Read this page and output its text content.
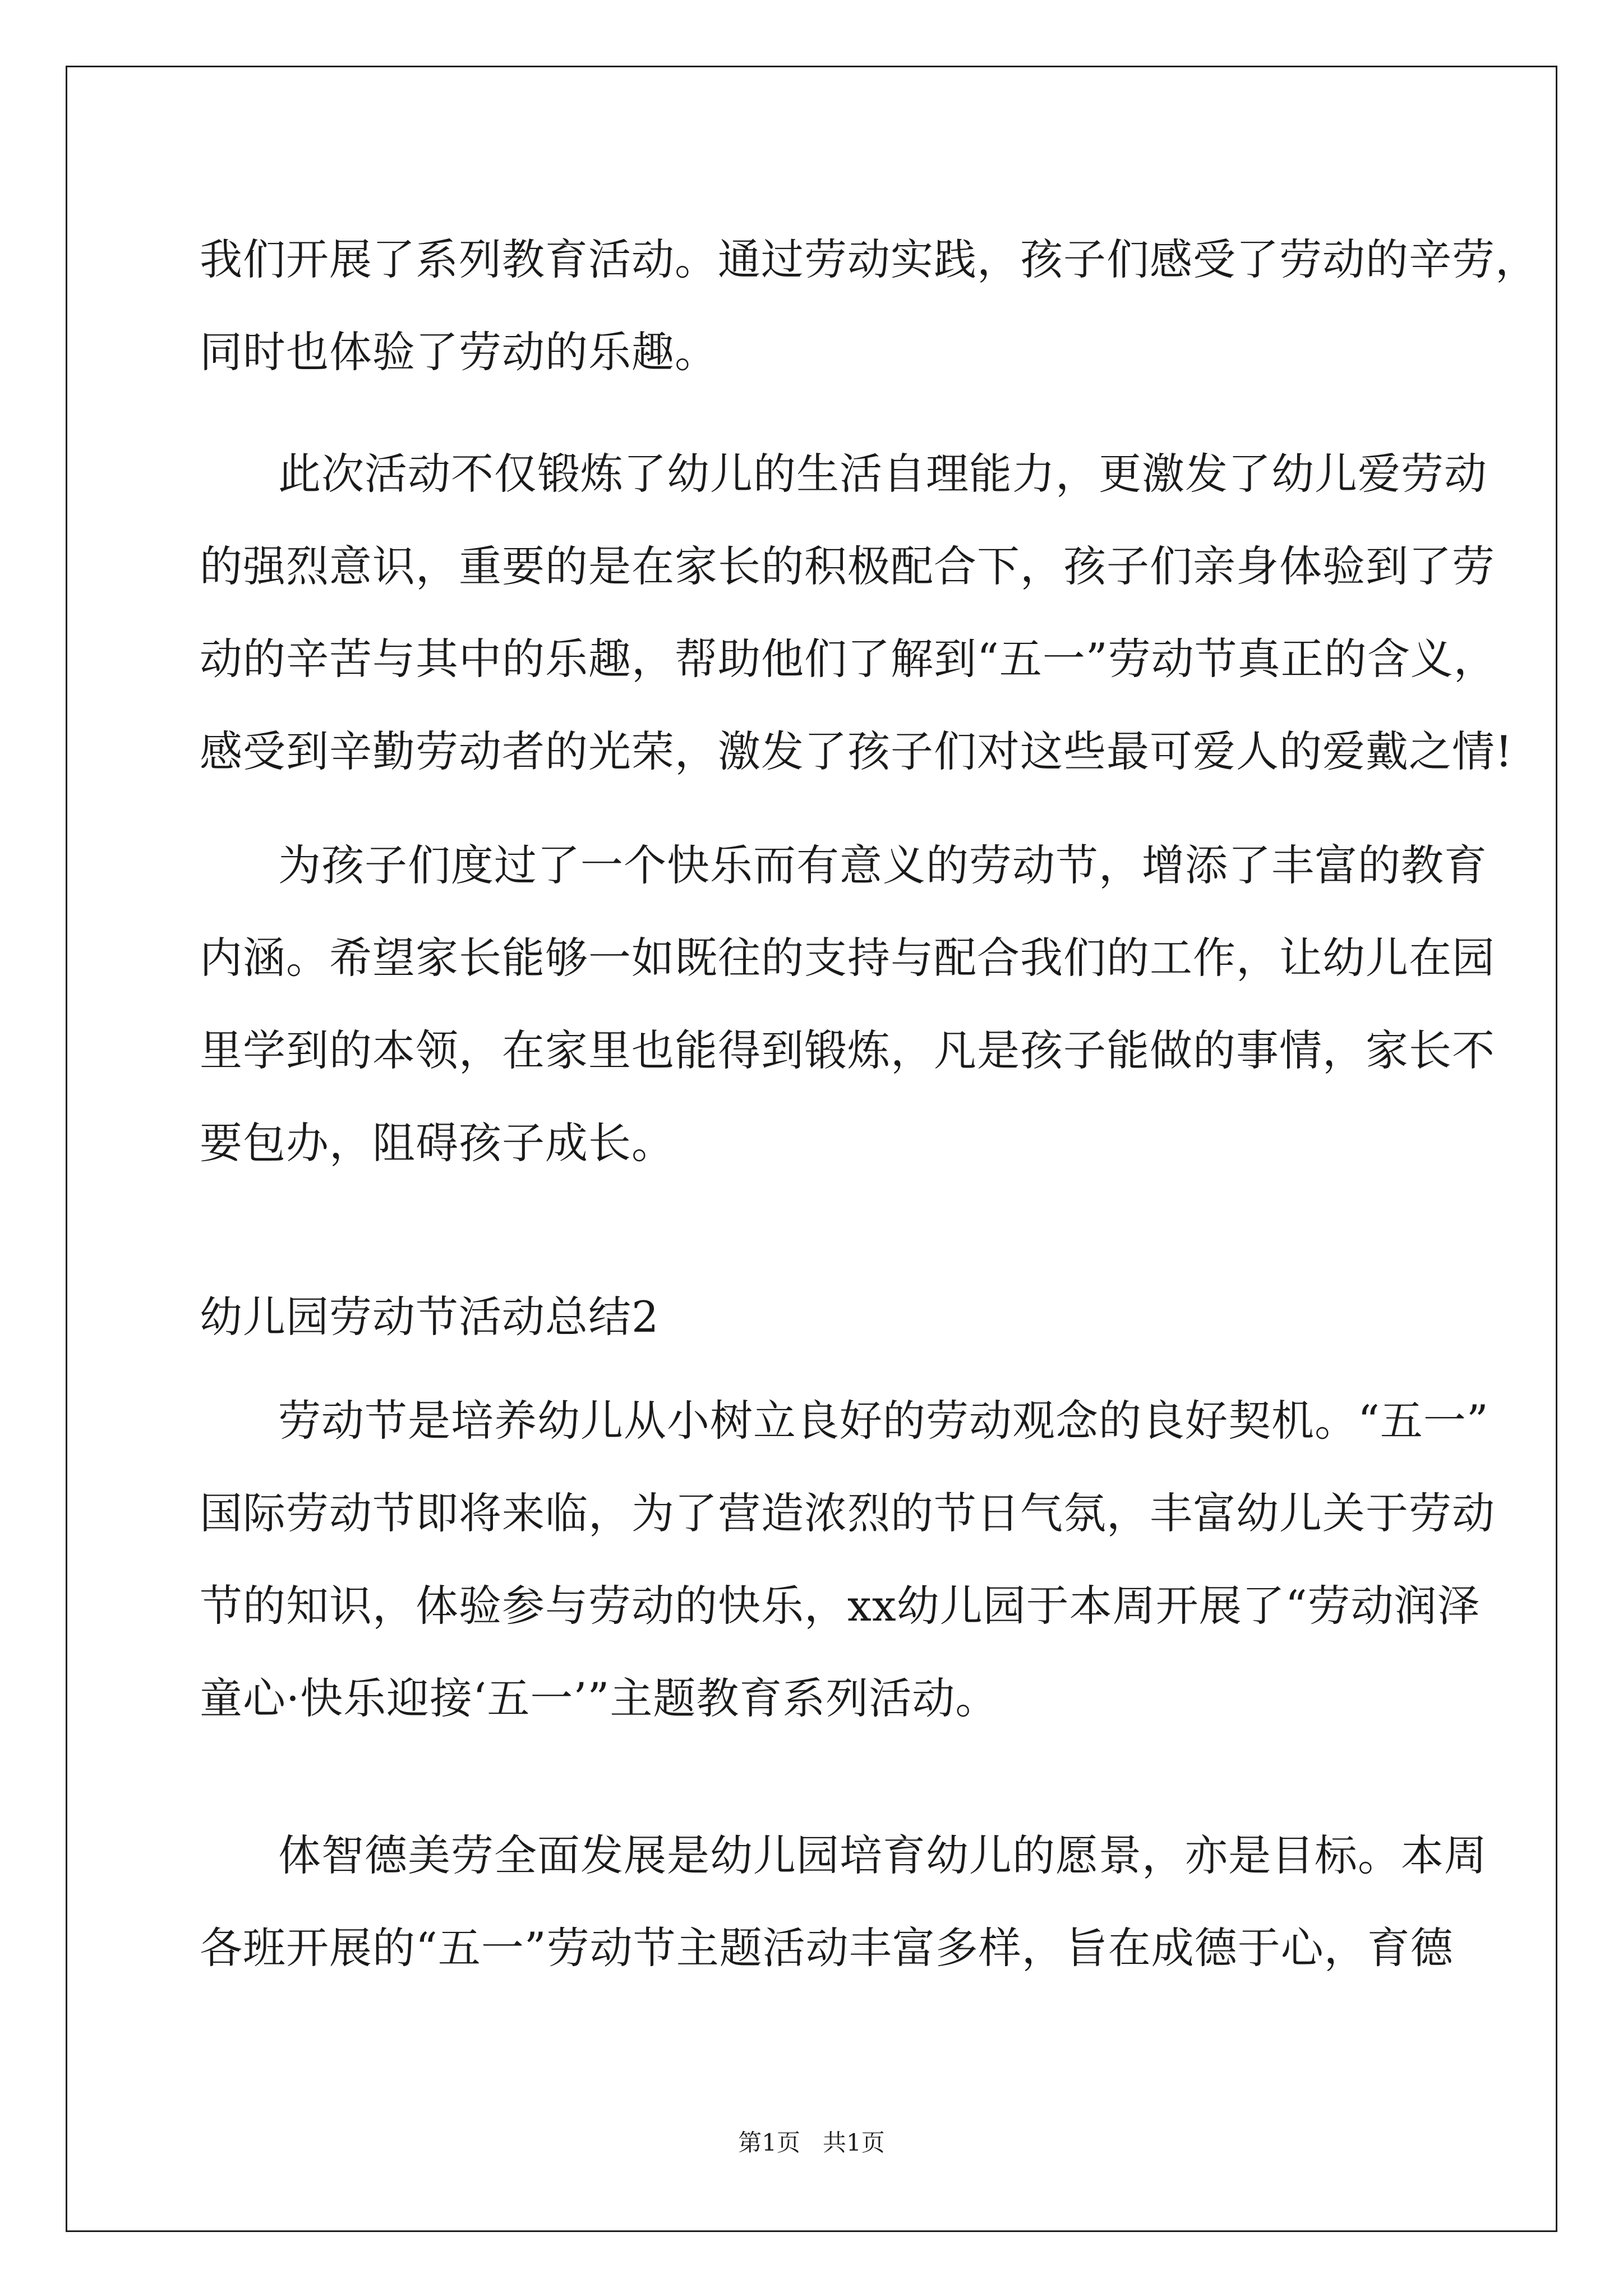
我们开展了系列教育活动。通过劳动实践，孩子们感受了劳动的辛劳，
同时也体验了劳动的乐趣。
此次活动不仅锻炼了幼儿的生活自理能力，更激发了幼儿爱劳动
的强烈意识，重要的是在家长的积极配合下，孩子们亲身体验到了劳
动的辛苦与其中的乐趣，帮助他们了解到“五一”劳动节真正的含义，
感受到辛勤劳动者的光荣，激发了孩子们对这些最可爱人的爱戴之情!
为孩子们度过了一个快乐而有意义的劳动节，增添了丰富的教育
内涵。希望家长能够一如既往的支持与配合我们的工作，让幼儿在园
里学到的本领，在家里也能得到锻炼，凡是孩子能做的事情，家长不
要包办，阻碍孩子成长。
幼儿园劳动节活动总结2
劳动节是培养幼儿从小树立良好的劳动观念的良好契机。“五一”
国际劳动节即将来临，为了营造浓烈的节日气氛，丰富幼儿关于劳动
节的知识，体验参与劳动的快乐，xx幼儿园于本周开展了“劳动润泽
童心·快乐迎接‘五一’”主题教育系列活动。
体智德美劳全面发展是幼儿园培育幼儿的愿景，亦是目标。本周
各班开展的“五一”劳动节主题活动丰富多样，旨在成德于心，育德
第1页   共1页
